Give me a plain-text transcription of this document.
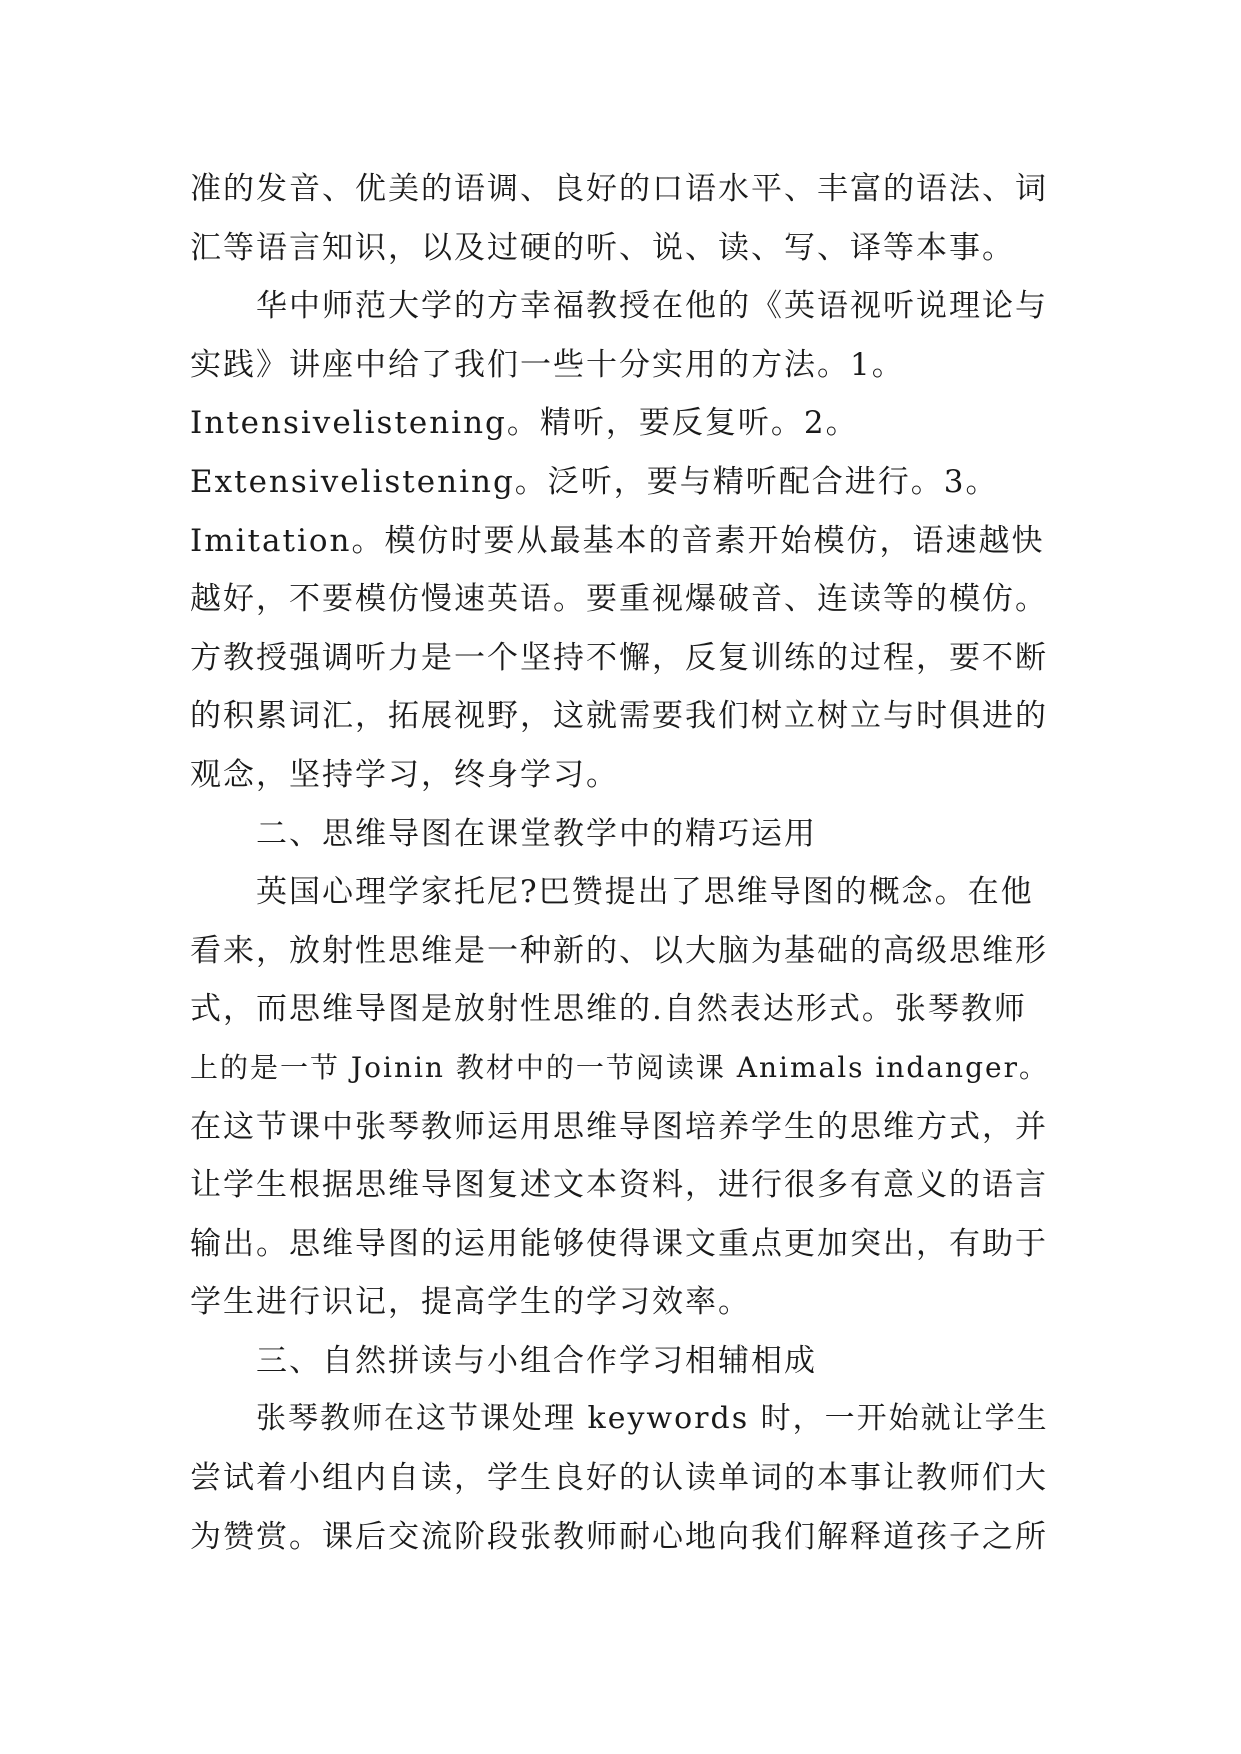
准的发音、优美的语调、良好的口语水平、丰富的语法、词
汇等语言知识，以及过硬的听、说、读、写、译等本事。
华中师范大学的方幸福教授在他的《英语视听说理论与
实践》讲座中给了我们一些十分实用的方法。1。
Intensivelistening。精听，要反复听。2。
Extensivelistening。泛听，要与精听配合进行。3。
Imitation。模仿时要从最基本的音素开始模仿，语速越快
越好，不要模仿慢速英语。要重视爆破音、连读等的模仿。
方教授强调听力是一个坚持不懈，反复训练的过程，要不断
的积累词汇，拓展视野，这就需要我们树立树立与时俱进的
观念，坚持学习，终身学习。
二、思维导图在课堂教学中的精巧运用
英国心理学家托尼?巴赞提出了思维导图的概念。在他
看来，放射性思维是一种新的、以大脑为基础的高级思维形
式，而思维导图是放射性思维的.自然表达形式。张琴教师
上的是一节 Joinin 教材中的一节阅读课 Animals indanger。
在这节课中张琴教师运用思维导图培养学生的思维方式，并
让学生根据思维导图复述文本资料，进行很多有意义的语言
输出。思维导图的运用能够使得课文重点更加突出，有助于
学生进行识记，提高学生的学习效率。
三、自然拼读与小组合作学习相辅相成
张琴教师在这节课处理 keywords 时，一开始就让学生
尝试着小组内自读，学生良好的认读单词的本事让教师们大
为赞赏。课后交流阶段张教师耐心地向我们解释道孩子之所
